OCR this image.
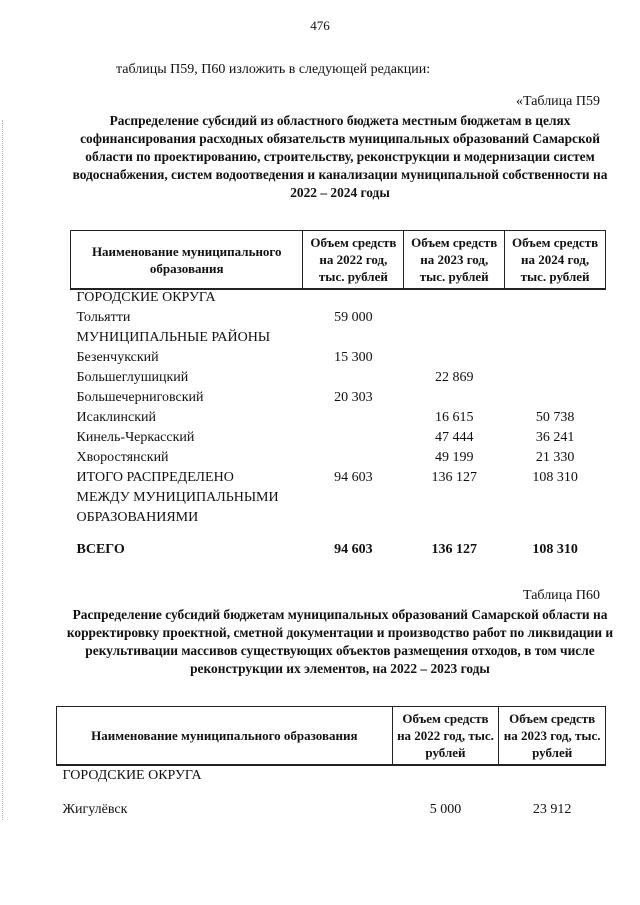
476
таблицы П59, П60 изложить в следующей редакции:
«Таблица П59
Распределение субсидий из областного бюджета местным бюджетам в целях софинансирования расходных обязательств муниципальных образований Самарской области по проектированию, строительству, реконструкции и модернизации систем водоснабжения, систем водоотведения и канализации муниципальной собственности на 2022 – 2024 годы
Наименование муниципального образования	Объем средств на 2022 год, тыс. рублей	Объем средств на 2023 год, тыс. рублей	Объем средств на 2024 год, тыс. рублей
ГОРОДСКИЕ ОКРУГА			
Тольятти	59 000		
МУНИЦИПАЛЬНЫЕ РАЙОНЫ			
Безенчукский	15 300		
Большеглушицкий		22 869	
Большечерниговский	20 303		
Исаклинский		16 615	50 738
Кинель-Черкасский		47 444	36 241
Хворостянский		49 199	21 330
ИТОГО РАСПРЕДЕЛЕНО	94 603	136 127	108 310
МЕЖДУ МУНИЦИПАЛЬНЫМИ			
ОБРАЗОВАНИЯМИ			
ВСЕГО	94 603	136 127	108 310
Таблица П60
Распределение субсидий бюджетам муниципальных образований Самарской области на корректировку проектной, сметной документации и производство работ по ликвидации и рекультивации массивов существующих объектов размещения отходов, в том числе реконструкции их элементов, на 2022 – 2023 годы
Наименование муниципального образования	Объем средств на 2022 год, тыс. рублей	Объем средств на 2023 год, тыс. рублей
ГОРОДСКИЕ ОКРУГА		

Жигулёвск	5 000	23 912
